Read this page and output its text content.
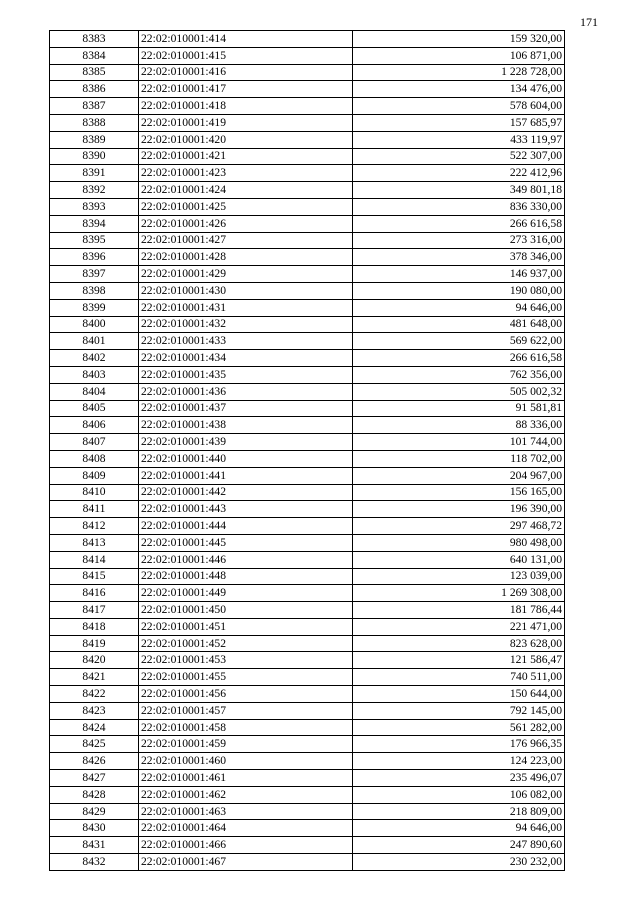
171
8383	22:02:010001:414	159 320,00
8384	22:02:010001:415	106 871,00
8385	22:02:010001:416	1 228 728,00
8386	22:02:010001:417	134 476,00
8387	22:02:010001:418	578 604,00
8388	22:02:010001:419	157 685,97
8389	22:02:010001:420	433 119,97
8390	22:02:010001:421	522 307,00
8391	22:02:010001:423	222 412,96
8392	22:02:010001:424	349 801,18
8393	22:02:010001:425	836 330,00
8394	22:02:010001:426	266 616,58
8395	22:02:010001:427	273 316,00
8396	22:02:010001:428	378 346,00
8397	22:02:010001:429	146 937,00
8398	22:02:010001:430	190 080,00
8399	22:02:010001:431	94 646,00
8400	22:02:010001:432	481 648,00
8401	22:02:010001:433	569 622,00
8402	22:02:010001:434	266 616,58
8403	22:02:010001:435	762 356,00
8404	22:02:010001:436	505 002,32
8405	22:02:010001:437	91 581,81
8406	22:02:010001:438	88 336,00
8407	22:02:010001:439	101 744,00
8408	22:02:010001:440	118 702,00
8409	22:02:010001:441	204 967,00
8410	22:02:010001:442	156 165,00
8411	22:02:010001:443	196 390,00
8412	22:02:010001:444	297 468,72
8413	22:02:010001:445	980 498,00
8414	22:02:010001:446	640 131,00
8415	22:02:010001:448	123 039,00
8416	22:02:010001:449	1 269 308,00
8417	22:02:010001:450	181 786,44
8418	22:02:010001:451	221 471,00
8419	22:02:010001:452	823 628,00
8420	22:02:010001:453	121 586,47
8421	22:02:010001:455	740 511,00
8422	22:02:010001:456	150 644,00
8423	22:02:010001:457	792 145,00
8424	22:02:010001:458	561 282,00
8425	22:02:010001:459	176 966,35
8426	22:02:010001:460	124 223,00
8427	22:02:010001:461	235 496,07
8428	22:02:010001:462	106 082,00
8429	22:02:010001:463	218 809,00
8430	22:02:010001:464	94 646,00
8431	22:02:010001:466	247 890,60
8432	22:02:010001:467	230 232,00
